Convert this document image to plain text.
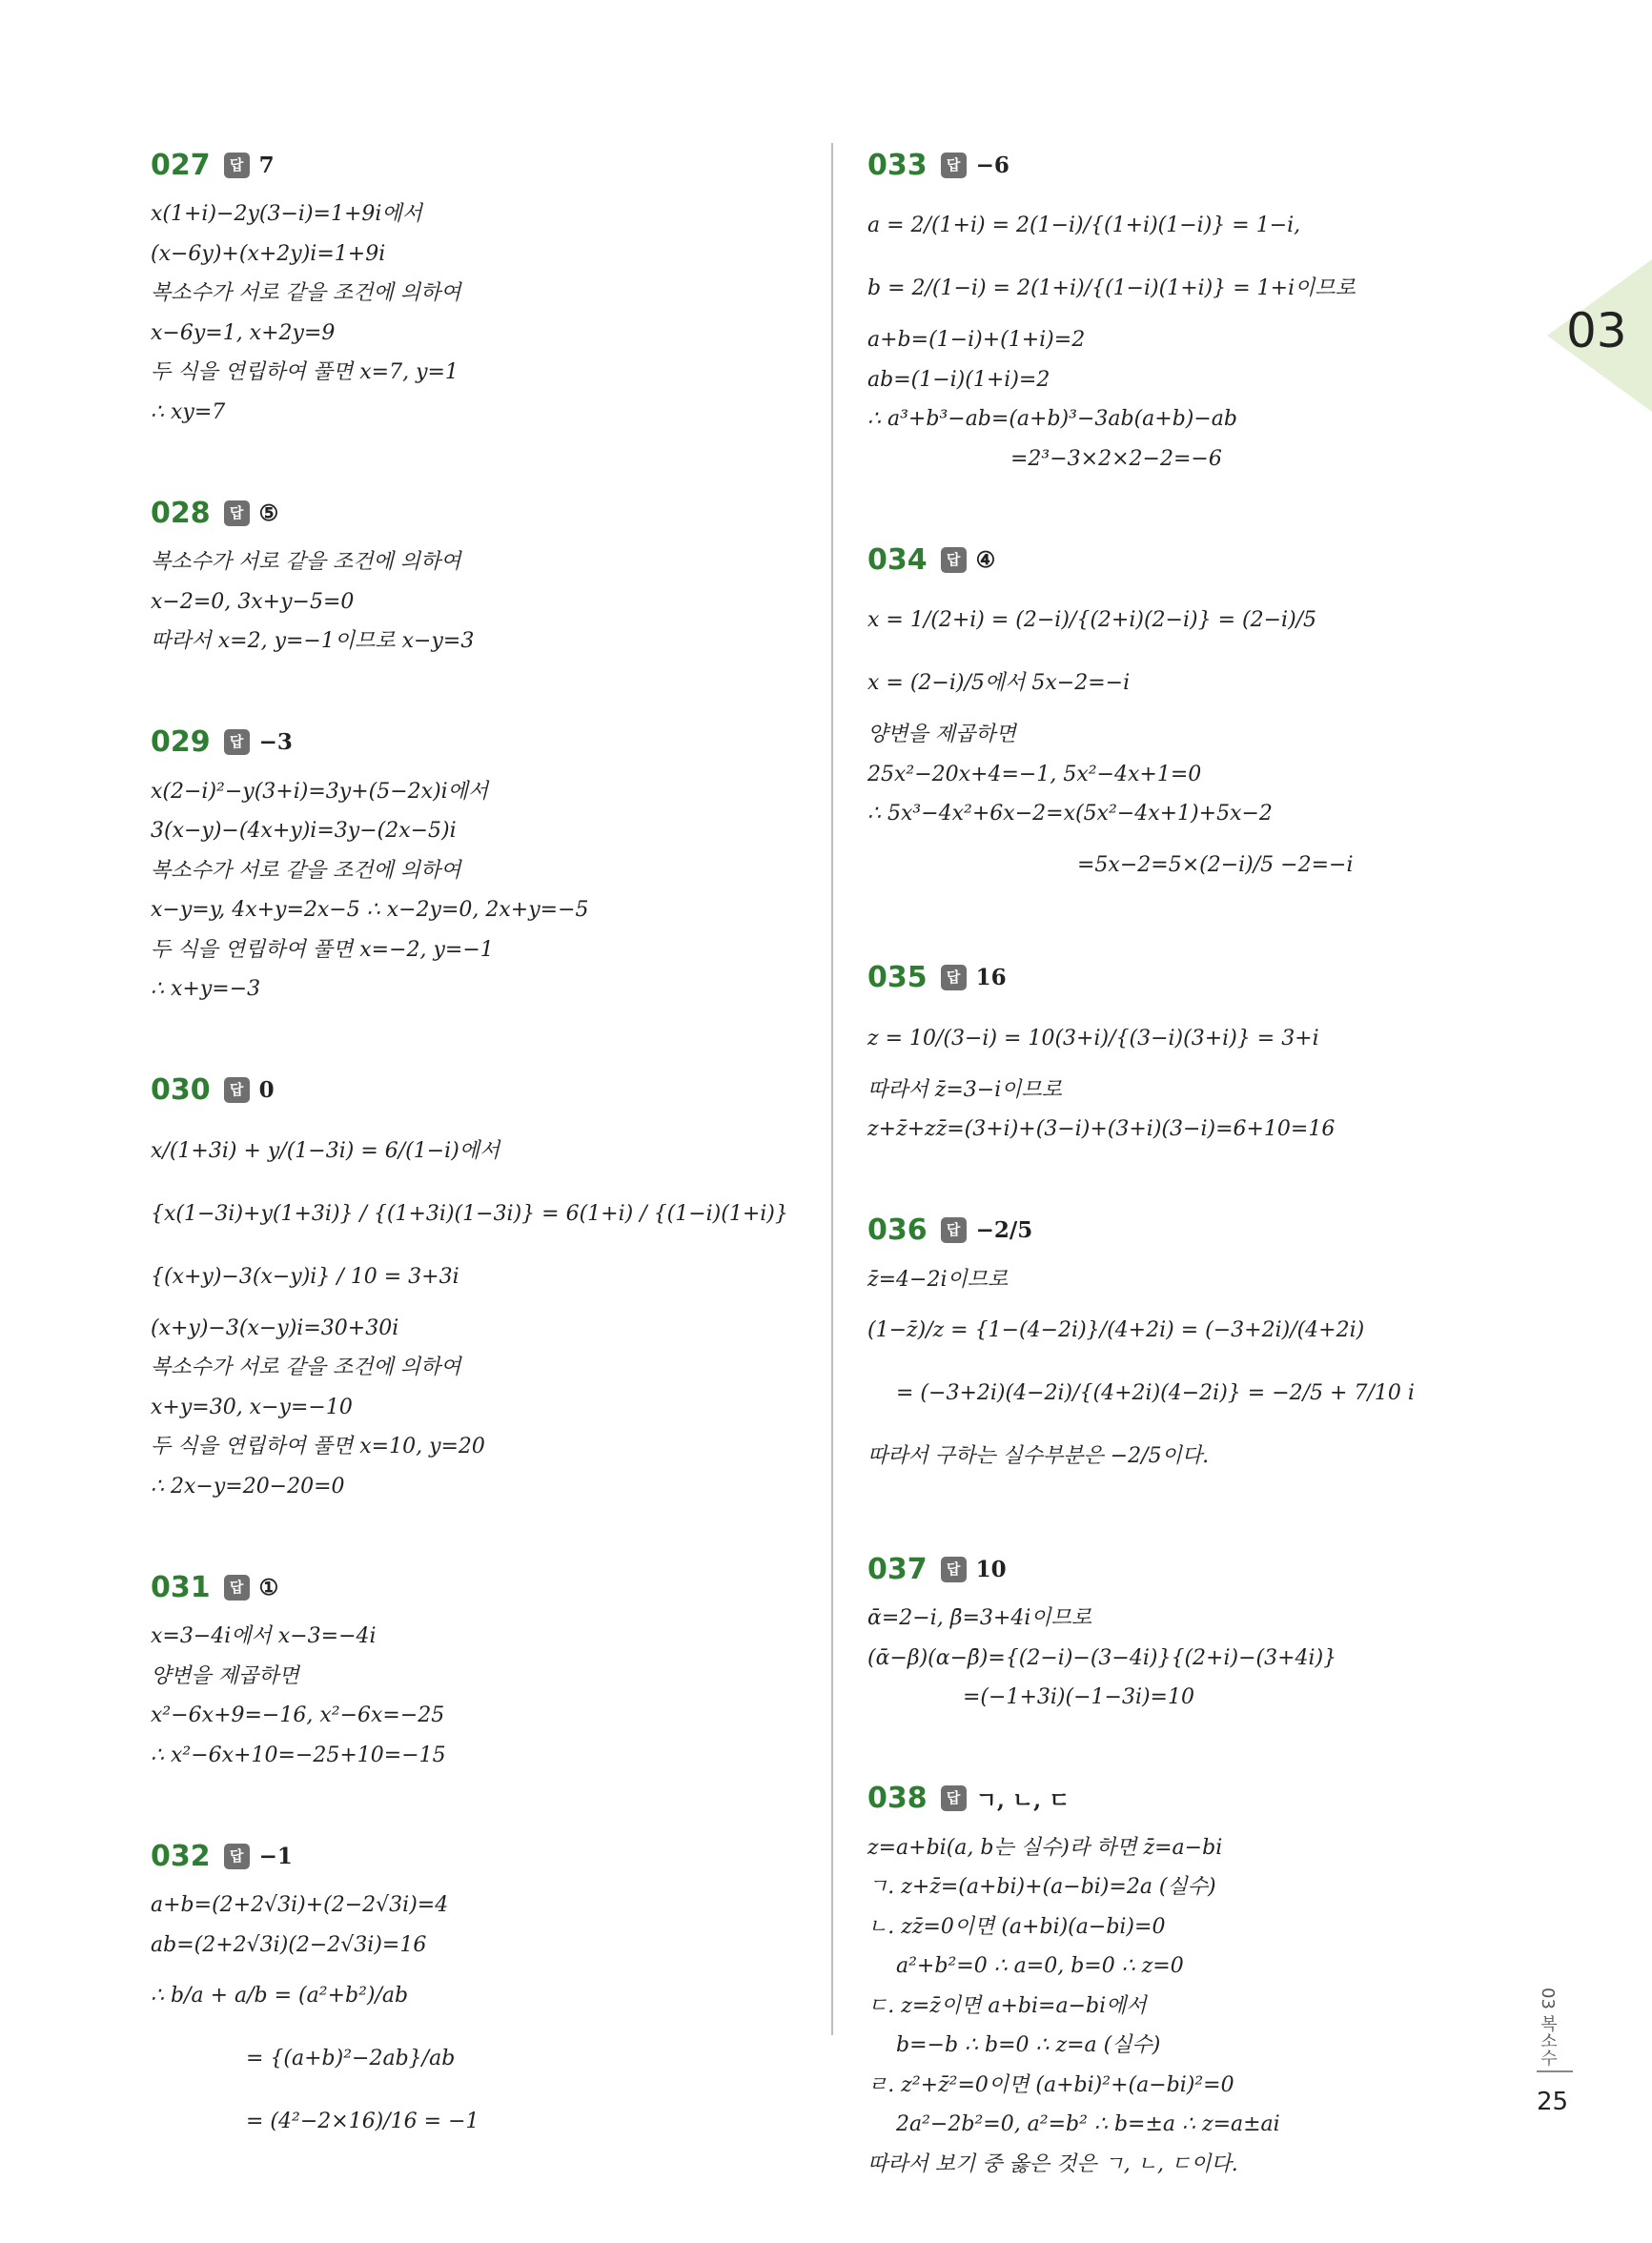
027	답 7
x(1+i)−2y(3−i)=1+9i에서
(x−6y)+(x+2y)i=1+9i
복소수가 서로 같을 조건에 의하여
x−6y=1, x+2y=9
두 식을 연립하여 풀면 x=7, y=1
∴ xy=7
028	답 ⑤
복소수가 서로 같을 조건에 의하여
x−2=0, 3x+y−5=0
따라서 x=2, y=−1이므로 x−y=3
029	답 −3
x(2−i)²−y(3+i)=3y+(5−2x)i에서
3(x−y)−(4x+y)i=3y−(2x−5)i
복소수가 서로 같을 조건에 의하여
x−y=y, 4x+y=2x−5 ∴ x−2y=0, 2x+y=−5
두 식을 연립하여 풀면 x=−2, y=−1
∴ x+y=−3
030	답 0
x/(1+3i) + y/(1−3i) = 6/(1−i)에서
{x(1−3i)+y(1+3i)} / {(1+3i)(1−3i)} = 6(1+i) / {(1−i)(1+i)}
{(x+y)−3(x−y)i} / 10 = 3+3i
(x+y)−3(x−y)i=30+30i
복소수가 서로 같을 조건에 의하여
x+y=30, x−y=−10
두 식을 연립하여 풀면 x=10, y=20
∴ 2x−y=20−20=0
031	답 ①
x=3−4i에서 x−3=−4i
양변을 제곱하면
x²−6x+9=−16, x²−6x=−25
∴ x²−6x+10=−25+10=−15
032	답 −1
a+b=(2+2√3i)+(2−2√3i)=4
ab=(2+2√3i)(2−2√3i)=16
∴ b/a + a/b = (a²+b²)/ab
= {(a+b)²−2ab}/ab
= (4²−2×16)/16 = −1
033	답 −6
a = 2/(1+i) = 2(1−i)/{(1+i)(1−i)} = 1−i,
b = 2/(1−i) = 2(1+i)/{(1−i)(1+i)} = 1+i이므로
a+b=(1−i)+(1+i)=2
ab=(1−i)(1+i)=2
∴ a³+b³−ab=(a+b)³−3ab(a+b)−ab
=2³−3×2×2−2=−6
034	답 ④
x = 1/(2+i) = (2−i)/{(2+i)(2−i)} = (2−i)/5
x = (2−i)/5에서 5x−2=−i
양변을 제곱하면
25x²−20x+4=−1, 5x²−4x+1=0
∴ 5x³−4x²+6x−2=x(5x²−4x+1)+5x−2
=5x−2=5×(2−i)/5 −2=−i
035	답 16
z = 10/(3−i) = 10(3+i)/{(3−i)(3+i)} = 3+i
따라서 z̄=3−i이므로
z+z̄+zz̄=(3+i)+(3−i)+(3+i)(3−i)=6+10=16
036	답 −2/5
z̄=4−2i이므로
(1−z̄)/z = {1−(4−2i)}/(4+2i) = (−3+2i)/(4+2i)
= (−3+2i)(4−2i)/{(4+2i)(4−2i)} = −2/5 + 7/10 i
따라서 구하는 실수부분은 −2/5이다.
037	답 10
ᾱ=2−i, β̄=3+4i이므로
(ᾱ−β)(α−β̄)={(2−i)−(3−4i)}{(2+i)−(3+4i)}
=(−1+3i)(−1−3i)=10
038	답 ㄱ, ㄴ, ㄷ
z=a+bi(a, b는 실수)라 하면 z̄=a−bi
ㄱ. z+z̄=(a+bi)+(a−bi)=2a (실수)
ㄴ. zz̄=0이면 (a+bi)(a−bi)=0
a²+b²=0 ∴ a=0, b=0 ∴ z=0
ㄷ. z=z̄이면 a+bi=a−bi에서
b=−b ∴ b=0 ∴ z=a (실수)
ㄹ. z²+z̄²=0이면 (a+bi)²+(a−bi)²=0
2a²−2b²=0, a²=b² ∴ b=±a ∴ z=a±ai
따라서 보기 중 옳은 것은 ㄱ, ㄴ, ㄷ이다.
03
03 복소수
25
